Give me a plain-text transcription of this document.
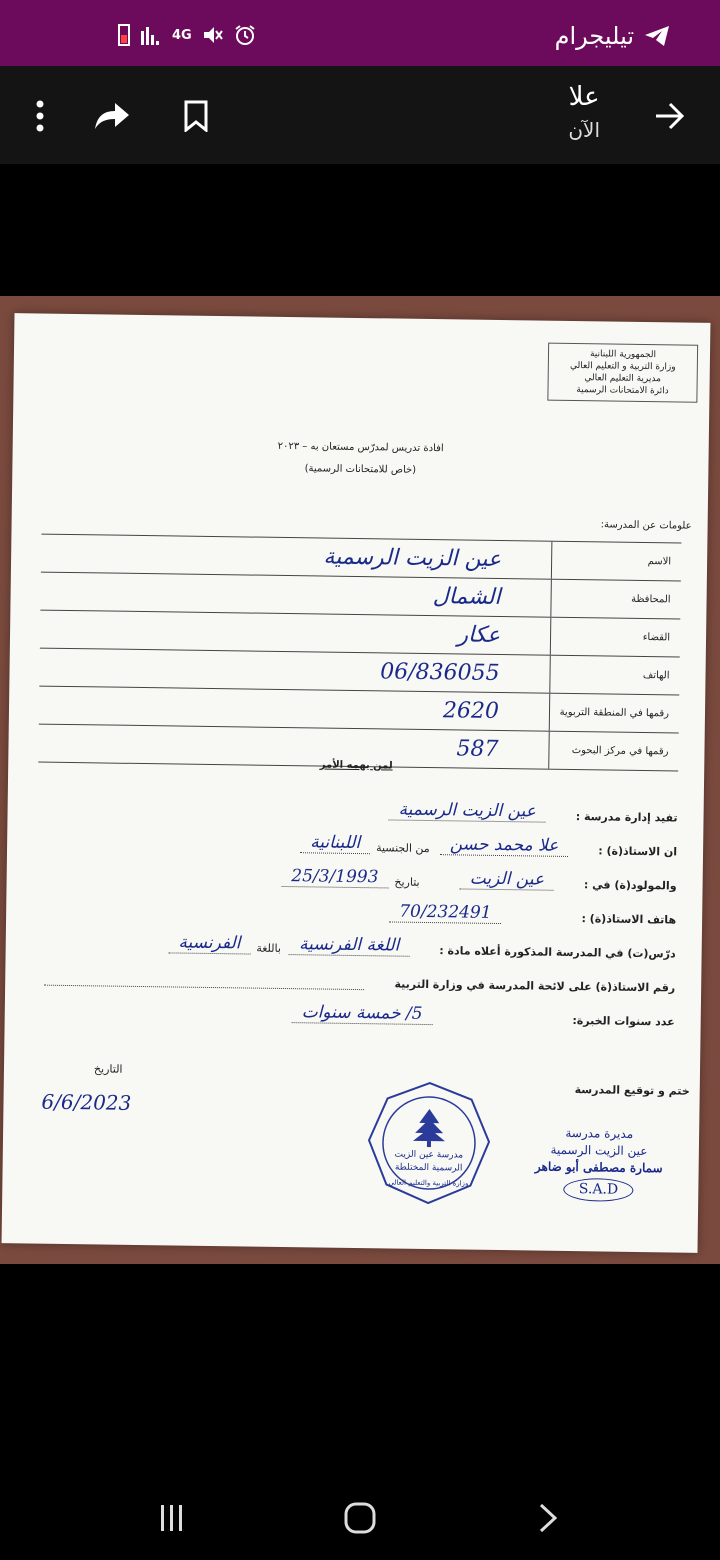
تيليجرام
4G
علا
الآن
الجمهورية اللبنانية
وزارة التربية و التعليم العالي
مديرية التعليم العالي
دائرة الامتحانات الرسمية
افادة تدريس لمدرّس مستعان به – ٢٠٢٣
(خاص للامتحانات الرسمية)
علومات عن المدرسة:
الاسم
عين الزيت الرسمية
المحافظة
الشمال
القضاء
عكار
الهاتف
06/836055
رقمها في المنطقة التربوية
2620
رقمها في مركز البحوث
587
لمن يهمه الأمر
تفيد إدارة مدرسة :
عين الزيت الرسمية
ان الاستاذ(ة) :
علا محمد حسن
من الجنسية
اللبنانية
والمولود(ة) في :
عين الزيت
بتاريخ
25/3/1993
هاتف الاستاذ(ة) :
70/232491
درّس(ت) في المدرسة المذكورة أعلاه مادة :
اللغة الفرنسية
باللغة
الفرنسية
رقم الاستاذ(ة) على لائحة المدرسة في وزارة التربية
عدد سنوات الخبرة:
5/ خمسة سنوات
التاريخ
6/6/2023	ختم و توقيع المدرسة
مدرسة عين الزيت
الرسمية المختلطة
وزارة التربية والتعليم العالي
مديرة مدرسة
عين الزيت الرسمية
سمارة مصطفى أبو ضاهر
S.A.D
